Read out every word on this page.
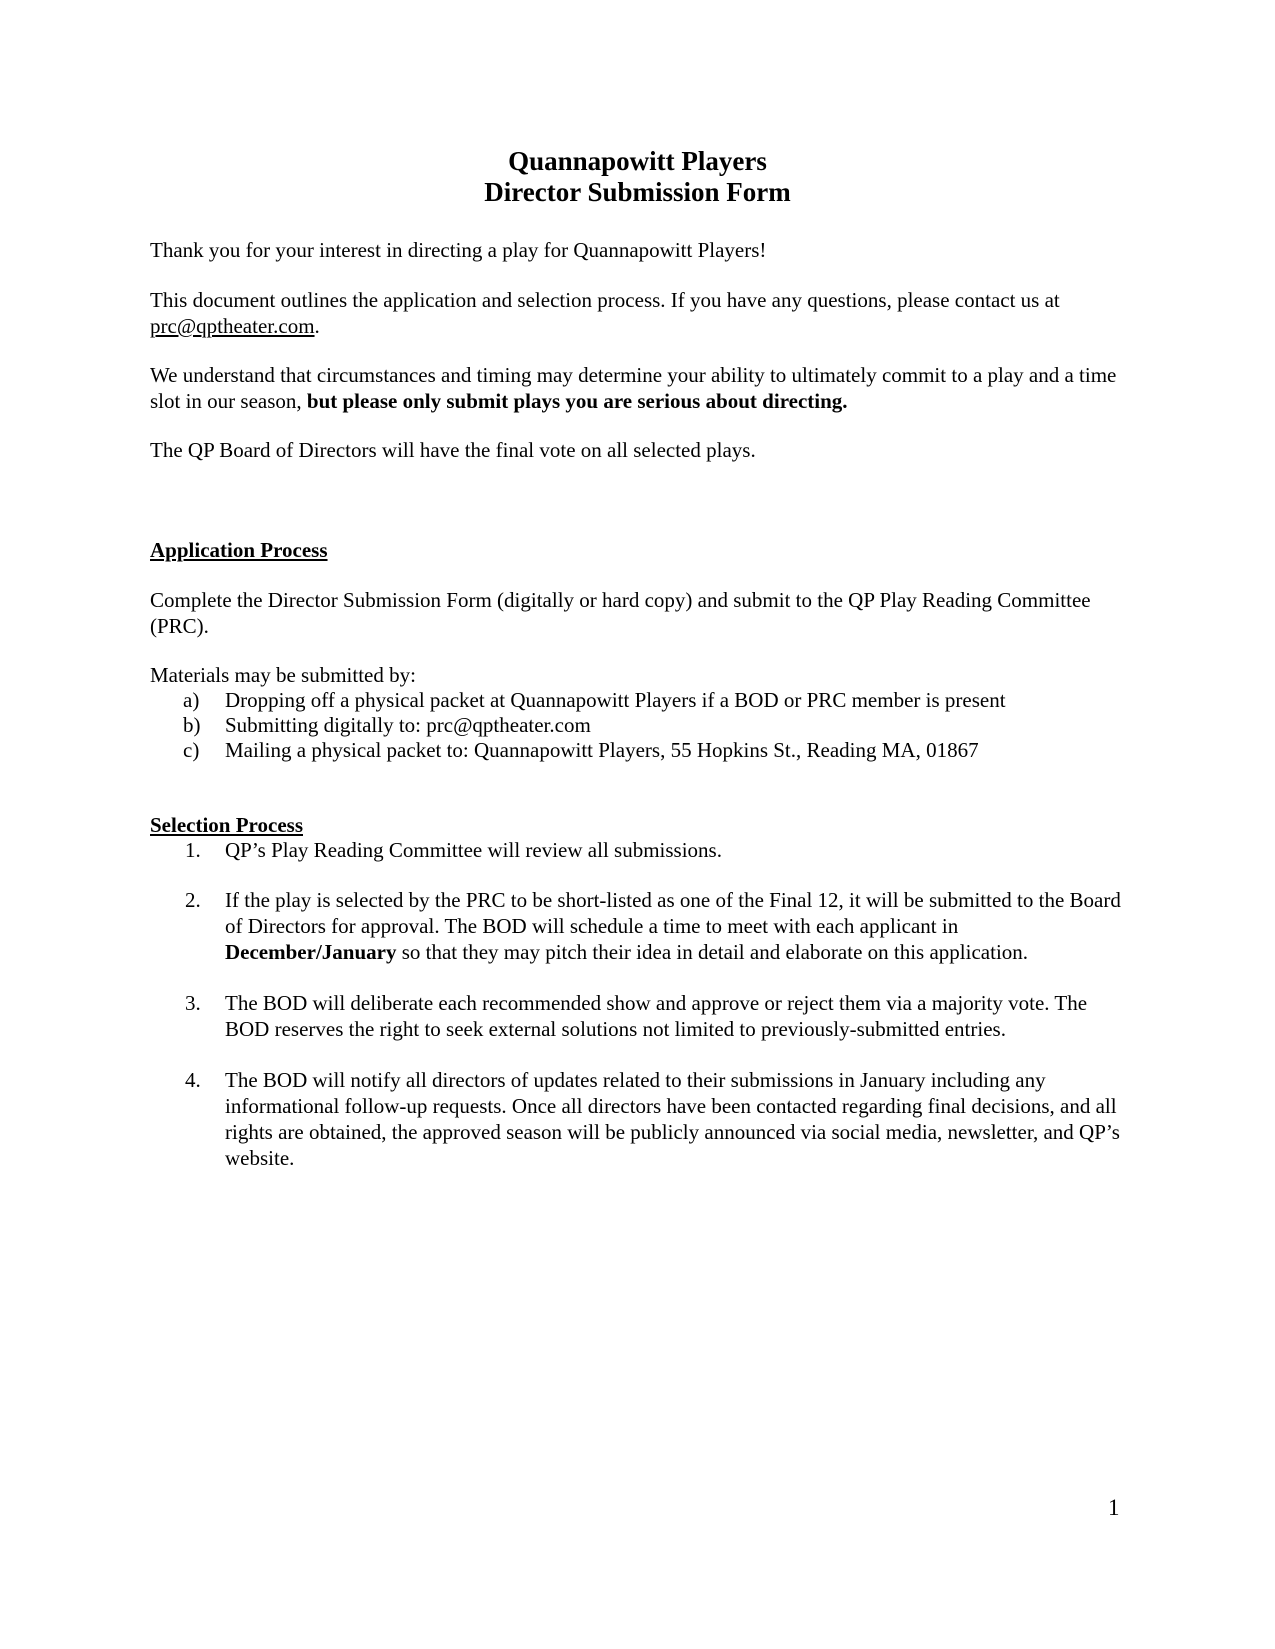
Quannapowitt Players
Director Submission Form

Thank you for your interest in directing a play for Quannapowitt Players!

This document outlines the application and selection process. If you have any questions, please contact us at prc@qptheater.com.

We understand that circumstances and timing may determine your ability to ultimately commit to a play and a time slot in our season, but please only submit plays you are serious about directing.

The QP Board of Directors will have the final vote on all selected plays.

Application Process

Complete the Director Submission Form (digitally or hard copy) and submit to the QP Play Reading Committee (PRC).

Materials may be submitted by:

a)	Dropping off a physical packet at Quannapowitt Players if a BOD or PRC member is present
b)	Submitting digitally to: prc@qptheater.com
c)	Mailing a physical packet to: Quannapowitt Players, 55 Hopkins St., Reading MA, 01867
Selection Process
1.	QP’s Play Reading Committee will review all submissions.
2.	If the play is selected by the PRC to be short-listed as one of the Final 12, it will be submitted to the Board of Directors for approval. The BOD will schedule a time to meet with each applicant in December/January so that they may pitch their idea in detail and elaborate on this application.
3.	The BOD will deliberate each recommended show and approve or reject them via a majority vote. The BOD reserves the right to seek external solutions not limited to previously-submitted entries.
4.	The BOD will notify all directors of updates related to their submissions in January including any informational follow-up requests. Once all directors have been contacted regarding final decisions, and all rights are obtained, the approved season will be publicly announced via social media, newsletter, and QP’s website.
1
